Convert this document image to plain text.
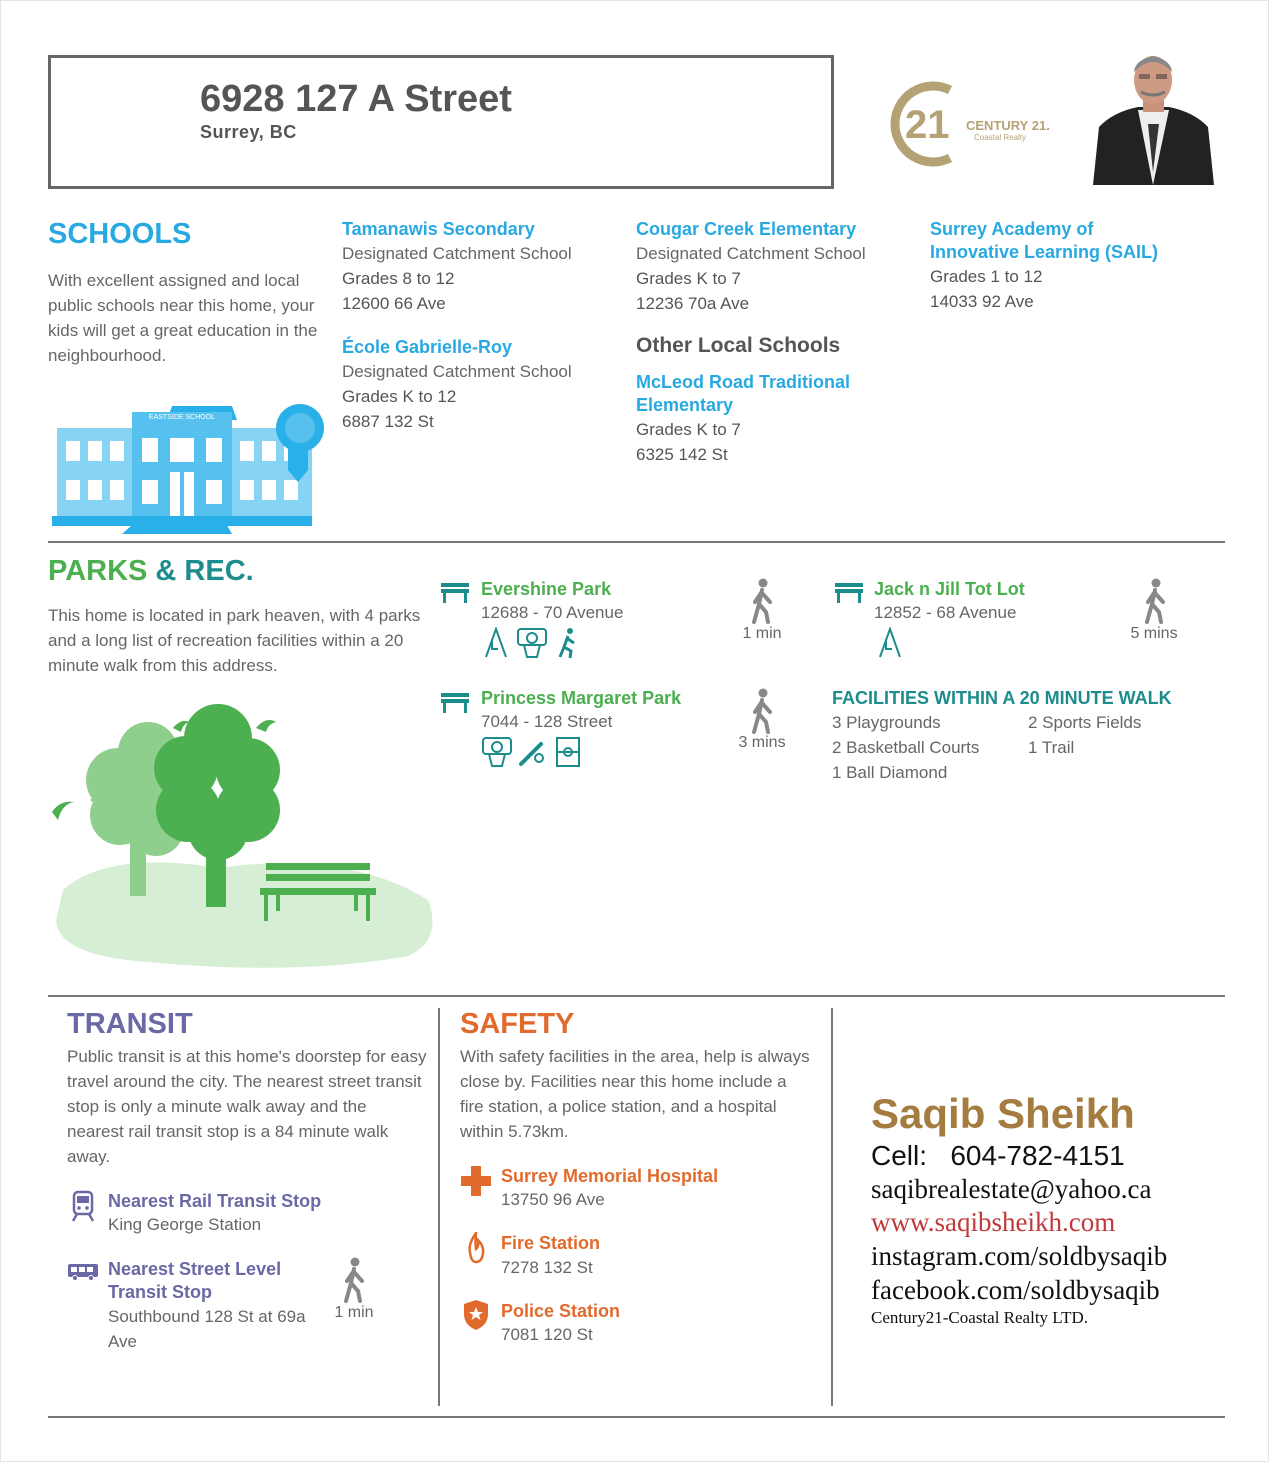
6928 127 A Street
Surrey, BC	21 CENTURY 21.
Coastal Realty
SCHOOLS
With excellent assigned and local public schools near this home, your kids will get a great education in the neighbourhood.
EASTSIDE SCHOOL
Tamanawis Secondary
Designated Catchment School
Grades 8 to 12
12600 66 Ave
École Gabrielle-Roy
Designated Catchment School
Grades K to 12
6887 132 St
Cougar Creek Elementary
Designated Catchment School
Grades K to 7
12236 70a Ave
Other Local Schools
McLeod Road Traditional
Elementary
Grades K to 7
6325 142 St
Surrey Academy of
Innovative Learning (SAIL)
Grades 1 to 12
14033 92 Ave
PARKS & REC.
This home is located in park heaven, with 4 parks and a long list of recreation facilities within a 20 minute walk from this address.
Evershine Park
12688 - 70 Avenue
1 min
Jack n Jill Tot Lot
12852 - 68 Avenue
5 mins
Princess Margaret Park
7044 - 128 Street
3 mins
FACILITIES WITHIN A 20 MINUTE WALK
3 Playgrounds	2 Sports Fields
2 Basketball Courts	1 Trail
1 Ball Diamond
TRANSIT
Public transit is at this home's doorstep for easy travel around the city. The nearest street transit stop is only a minute walk away and the nearest rail transit stop is a 84 minute walk away.
Nearest Rail Transit Stop
King George Station
Nearest Street Level
Transit Stop
Southbound 128 St at 69a
Ave
1 min
SAFETY
With safety facilities in the area, help is always close by. Facilities near this home include a fire station, a police station, and a hospital within 5.73km.
Surrey Memorial Hospital
13750 96 Ave
Fire Station
7278 132 St
Police Station
7081 120 St
Saqib Sheikh
Cell: 604-782-4151
saqibrealestate@yahoo.ca
www.saqibsheikh.com
instagram.com/soldbysaqib
facebook.com/soldbysaqib
Century21-Coastal Realty LTD.
